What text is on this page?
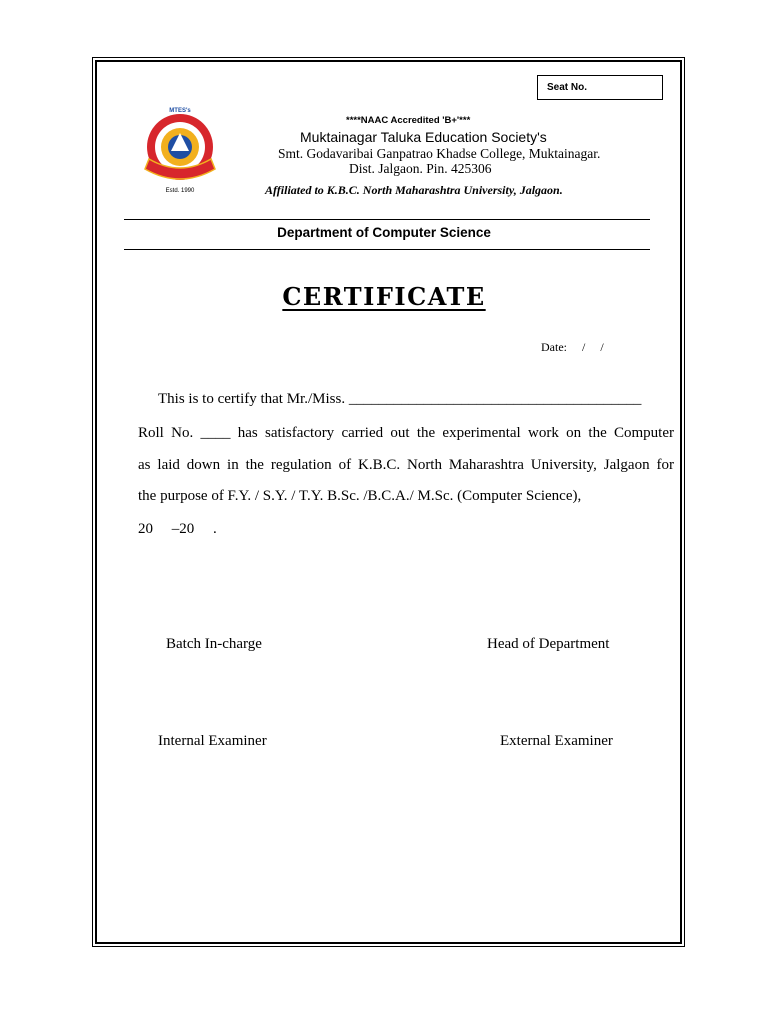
Seat No.
MTES's
Estd. 1990
****NAAC Accredited 'B+'***
Muktainagar Taluka Education Society's
Smt. Godavaribai Ganpatrao Khadse College, Muktainagar.
Dist. Jalgaon. Pin. 425306
Affiliated to K.B.C. North Maharashtra University, Jalgaon.
Department of Computer Science
CERTIFICATE
Date:     /     /
This is to certify that Mr./Miss. _______________________________________
Roll No. ____ has satisfactory carried out the experimental work on the Computer
as laid down in the regulation of K.B.C. North Maharashtra University, Jalgaon for
the purpose of F.Y. / S.Y. / T.Y. B.Sc. /B.C.A./ M.Sc. (Computer Science),
20     –20     .
Batch In-charge	Head of Department
Internal Examiner	External Examiner
